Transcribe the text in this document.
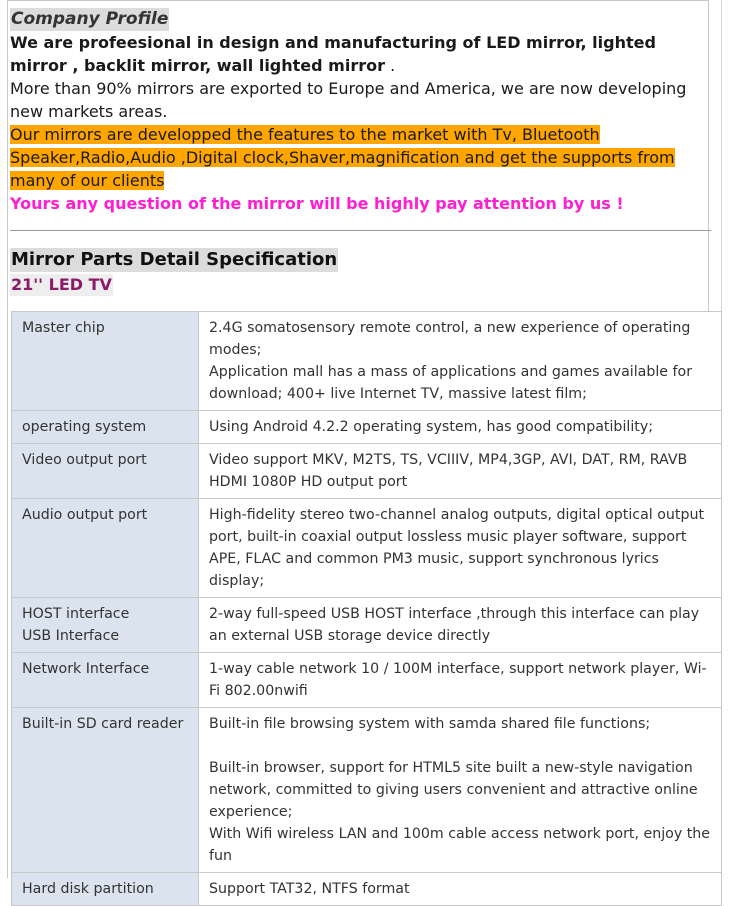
Company Profile
We are profeesional in design and manufacturing of LED mirror, lighted mirror , backlit mirror, wall lighted mirror .
More than 90% mirrors are exported to Europe and America, we are now developing new markets areas.
Our mirrors are developped the features to the market with Tv, Bluetooth Speaker,Radio,Audio ,Digital clock,Shaver,magnification and get the supports from many of our clients
Yours any question of the mirror will be highly pay attention by us !
Mirror Parts Detail Specification
21'' LED TV
Master chip	2.4G somatosensory remote control, a new experience of operating modes;
Application mall has a mass of applications and games available for download; 400+ live Internet TV, massive latest film;

operating system	Using Android 4.2.2 operating system, has good compatibility;

Video output port	Video support MKV, M2TS, TS, VCIIIV, MP4,3GP, AVI, DAT, RM, RAVB
HDMI 1080P HD output port

Audio output port	High-fidelity stereo two-channel analog outputs, digital optical output port, built-in coaxial output lossless music player software, support APE, FLAC and common PM3 music, support synchronous lyrics display;

HOST interface
USB Interface	2-way full-speed USB HOST interface ,through this interface can play an external USB storage device directly

Network Interface	1-way cable network 10 / 100M interface, support network player, Wi-Fi 802.00nwifi

Built-in SD card reader	Built-in file browsing system with samda shared file functions;
Built-in browser, support for HTML5 site built a new-style navigation network, committed to giving users convenient and attractive online experience;
With Wifi wireless LAN and 100m cable access network port, enjoy the fun

Hard disk partition	Support TAT32, NTFS format
